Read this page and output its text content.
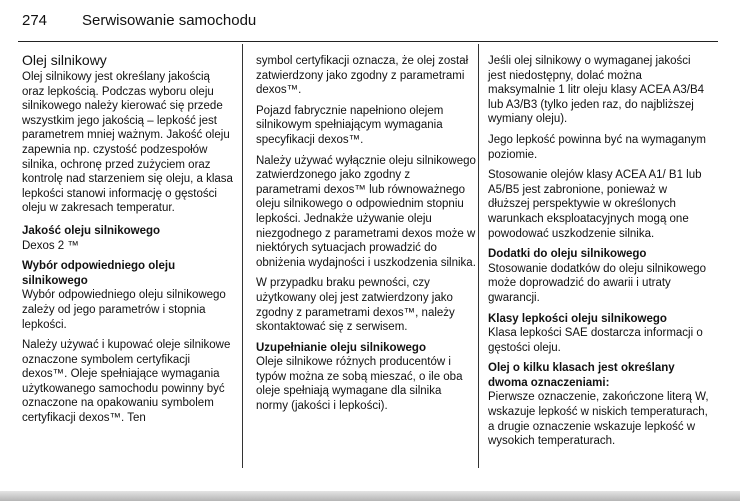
274 Serwisowanie samochodu
Olej silnikowy

Olej silnikowy jest określany jakością oraz lepkością. Podczas wyboru oleju silnikowego należy kierować się przede wszystkim jego jakością – lepkość jest parametrem mniej ważnym. Jakość oleju zapewnia np. czystość podzespołów silnika, ochronę przed zużyciem oraz kontrolę nad starzeniem się oleju, a klasa lepkości stanowi informację o gęstości oleju w zakresach temperatur.

Jakość oleju silnikowego

Dexos 2 ™

Wybór odpowiedniego oleju silnikowego

Wybór odpowiedniego oleju silnikowego zależy od jego parametrów i stopnia lepkości.

Należy używać i kupować oleje silnikowe oznaczone symbolem certyfikacji dexos™. Oleje spełniające wymagania użytkowanego samochodu powinny być oznaczone na opakowaniu symbolem certyfikacji dexos™. Ten

symbol certyfikacji oznacza, że olej został zatwierdzony jako zgodny z parametrami dexos™.

Pojazd fabrycznie napełniono olejem silnikowym spełniającym wymagania specyfikacji dexos™.

Należy używać wyłącznie oleju silnikowego zatwierdzonego jako zgodny z parametrami dexos™ lub równoważnego oleju silnikowego o odpowiednim stopniu lepkości. Jednakże używanie oleju niezgodnego z parametrami dexos może w niektórych sytuacjach prowadzić do obniżenia wydajności i uszkodzenia silnika.

W przypadku braku pewności, czy użytkowany olej jest zatwierdzony jako zgodny z parametrami dexos™, należy skontaktować się z serwisem.

Uzupełnianie oleju silnikowego

Oleje silnikowe różnych producentów i typów można ze sobą mieszać, o ile oba oleje spełniają wymagane dla silnika normy (jakości i lepkości).

Jeśli olej silnikowy o wymaganej jakości jest niedostępny, dolać można maksymalnie 1 litr oleju klasy ACEA A3/B4 lub A3/B3 (tylko jeden raz, do najbliższej wymiany oleju).

Jego lepkość powinna być na wymaganym poziomie.

Stosowanie olejów klasy ACEA A1/ B1 lub A5/B5 jest zabronione, ponieważ w dłuższej perspektywie w określonych warunkach eksploatacyjnych mogą one powodować uszkodzenie silnika.

Dodatki do oleju silnikowego

Stosowanie dodatków do oleju silnikowego może doprowadzić do awarii i utraty gwarancji.

Klasy lepkości oleju silnikowego

Klasa lepkości SAE dostarcza informacji o gęstości oleju.

Olej o kilku klasach jest określany dwoma oznaczeniami:

Pierwsze oznaczenie, zakończone literą W, wskazuje lepkość w niskich temperaturach, a drugie oznaczenie wskazuje lepkość w wysokich temperaturach.
